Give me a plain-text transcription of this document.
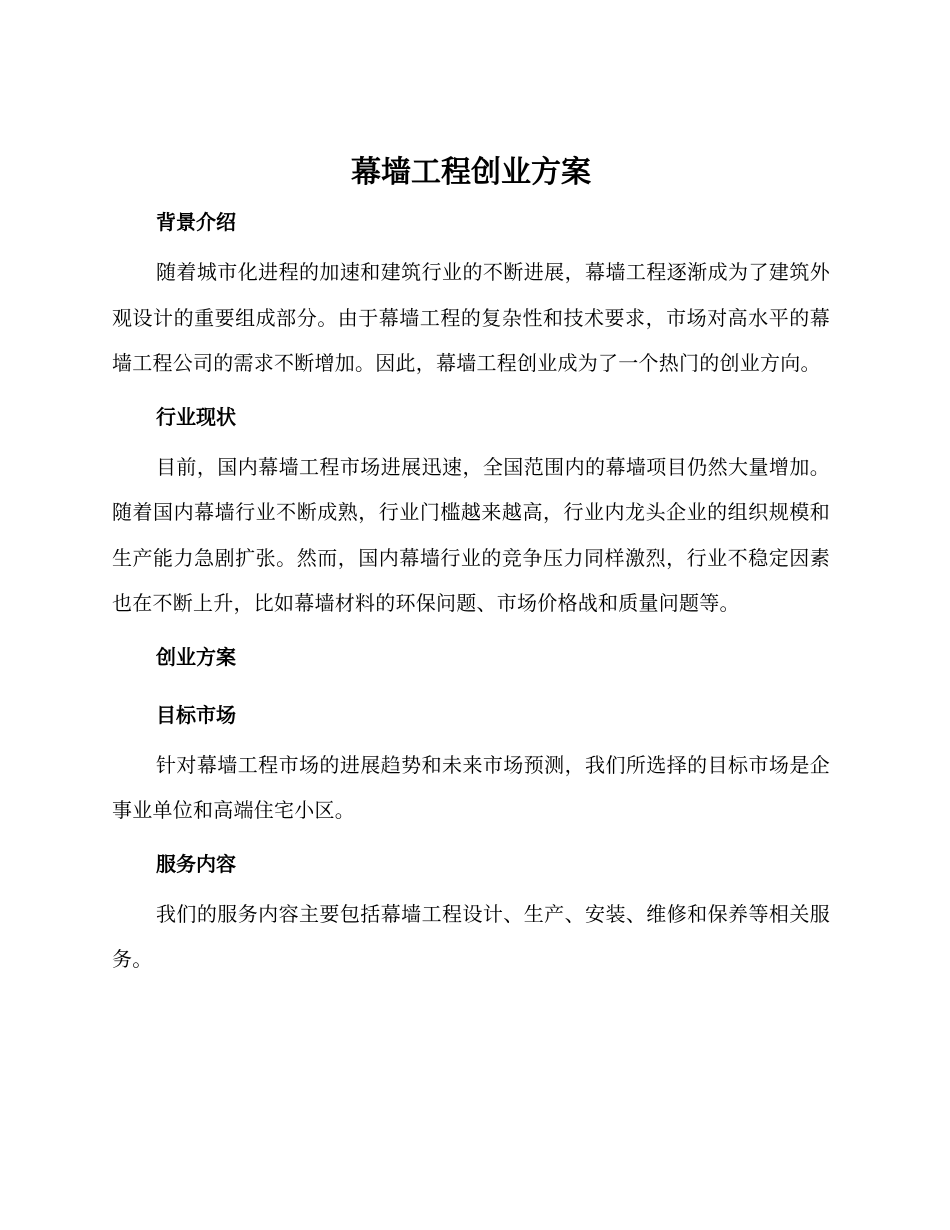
幕墙工程创业方案
背景介绍

随着城市化进程的加速和建筑行业的不断进展，幕墙工程逐渐成为了建筑外观设计的重要组成部分。由于幕墙工程的复杂性和技术要求，市场对高水平的幕墙工程公司的需求不断增加。因此，幕墙工程创业成为了一个热门的创业方向。

行业现状

目前，国内幕墙工程市场进展迅速，全国范围内的幕墙项目仍然大量增加。随着国内幕墙行业不断成熟，行业门槛越来越高，行业内龙头企业的组织规模和生产能力急剧扩张。然而，国内幕墙行业的竞争压力同样激烈，行业不稳定因素也在不断上升，比如幕墙材料的环保问题、市场价格战和质量问题等。

创业方案
目标市场

针对幕墙工程市场的进展趋势和未来市场预测，我们所选择的目标市场是企事业单位和高端住宅小区。

服务内容

我们的服务内容主要包括幕墙工程设计、生产、安装、维修和保养等相关服务。
